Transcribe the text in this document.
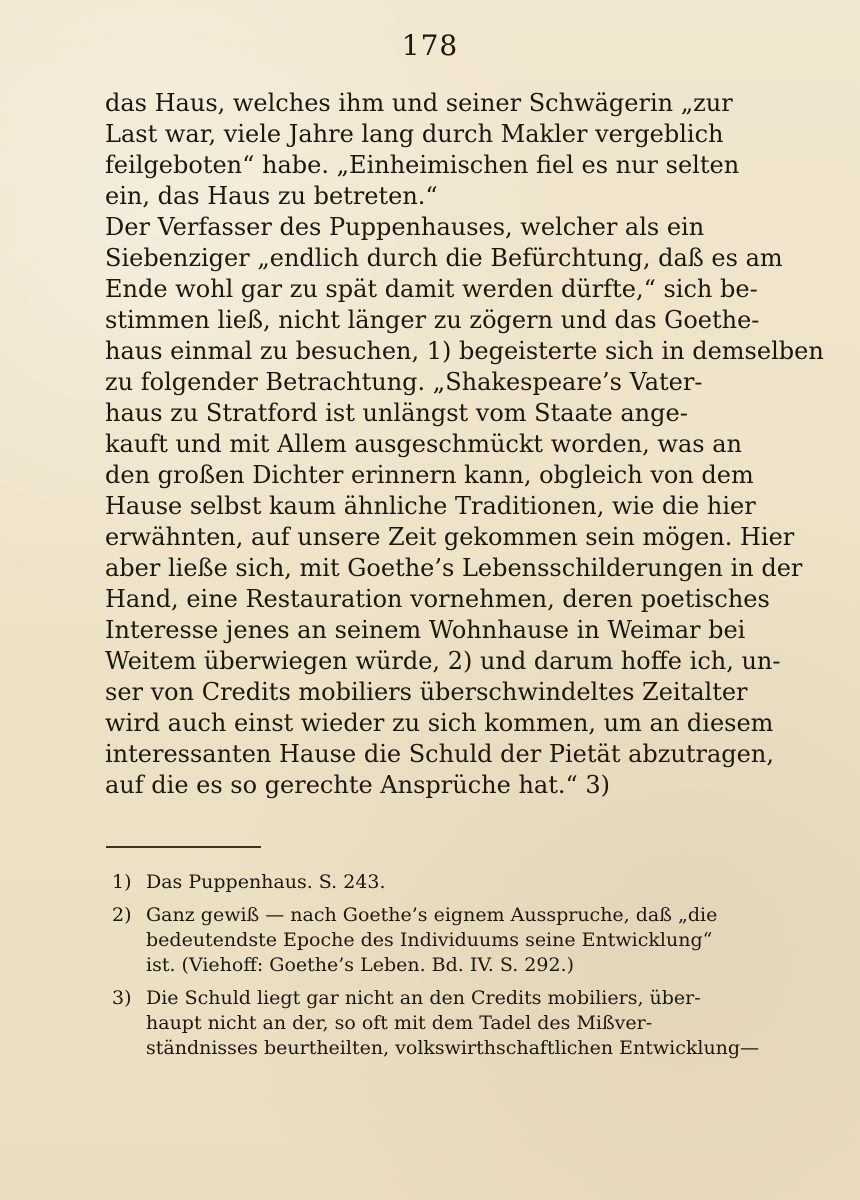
178
das Haus, welches ihm und seiner Schwägerin „zur
Last war, viele Jahre lang durch Makler vergeblich
feilgeboten“ habe. „Einheimischen fiel es nur selten
ein, das Haus zu betreten.“
Der Verfasser des Puppenhauses, welcher als ein
Siebenziger „endlich durch die Befürchtung, daß es am
Ende wohl gar zu spät damit werden dürfte,“ sich be-
stimmen ließ, nicht länger zu zögern und das Goethe-
haus einmal zu besuchen, 1) begeisterte sich in demselben
zu folgender Betrachtung. „Shakespeare’s Vater-
haus zu Stratford ist unlängst vom Staate ange-
kauft und mit Allem ausgeschmückt worden, was an
den großen Dichter erinnern kann, obgleich von dem
Hause selbst kaum ähnliche Traditionen, wie die hier
erwähnten, auf unsere Zeit gekommen sein mögen. Hier
aber ließe sich, mit Goethe’s Lebensschilderungen in der
Hand, eine Restauration vornehmen, deren poetisches
Interesse jenes an seinem Wohnhause in Weimar bei
Weitem überwiegen würde, 2) und darum hoffe ich, un-
ser von Credits mobiliers überschwindeltes Zeitalter
wird auch einst wieder zu sich kommen, um an diesem
interessanten Hause die Schuld der Pietät abzutragen,
auf die es so gerechte Ansprüche hat.“ 3)
1) Das Puppenhaus. S. 243.
2) Ganz gewiß — nach Goethe’s eignem Ausspruche, daß „die
bedeutendste Epoche des Individuums seine Entwicklung“
ist. (Viehoff: Goethe’s Leben. Bd. IV. S. 292.)
3) Die Schuld liegt gar nicht an den Credits mobiliers, über-
haupt nicht an der, so oft mit dem Tadel des Mißver-
ständnisses beurtheilten, volkswirthschaftlichen Entwicklung—
